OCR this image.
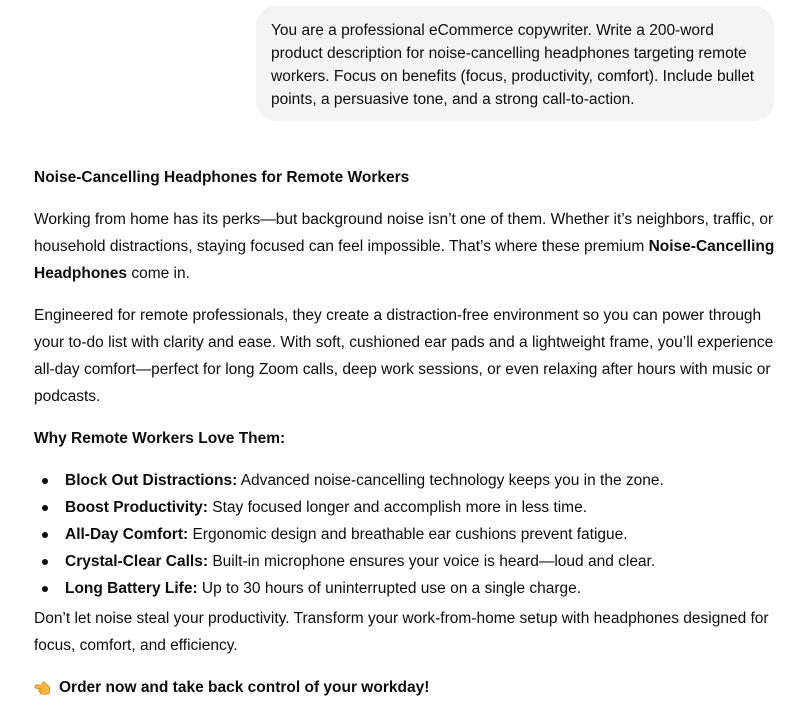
You are a professional eCommerce copywriter. Write a 200-word product description for noise-cancelling headphones targeting remote workers. Focus on benefits (focus, productivity, comfort). Include bullet points, a persuasive tone, and a strong call-to-action.

Noise-Cancelling Headphones for Remote Workers

Working from home has its perks—but background noise isn’t one of them. Whether it’s neighbors, traffic, or household distractions, staying focused can feel impossible. That’s where these premium Noise-Cancelling Headphones come in.

Engineered for remote professionals, they create a distraction-free environment so you can power through your to-do list with clarity and ease. With soft, cushioned ear pads and a lightweight frame, you’ll experience all-day comfort—perfect for long Zoom calls, deep work sessions, or even relaxing after hours with music or podcasts.

Why Remote Workers Love Them:

Block Out Distractions: Advanced noise-cancelling technology keeps you in the zone.
Boost Productivity: Stay focused longer and accomplish more in less time.
All-Day Comfort: Ergonomic design and breathable ear cushions prevent fatigue.
Crystal-Clear Calls: Built-in microphone ensures your voice is heard—loud and clear.
Long Battery Life: Up to 30 hours of uninterrupted use on a single charge.

Don’t let noise steal your productivity. Transform your work-from-home setup with headphones designed for focus, comfort, and efficiency.

Order now and take back control of your workday!
